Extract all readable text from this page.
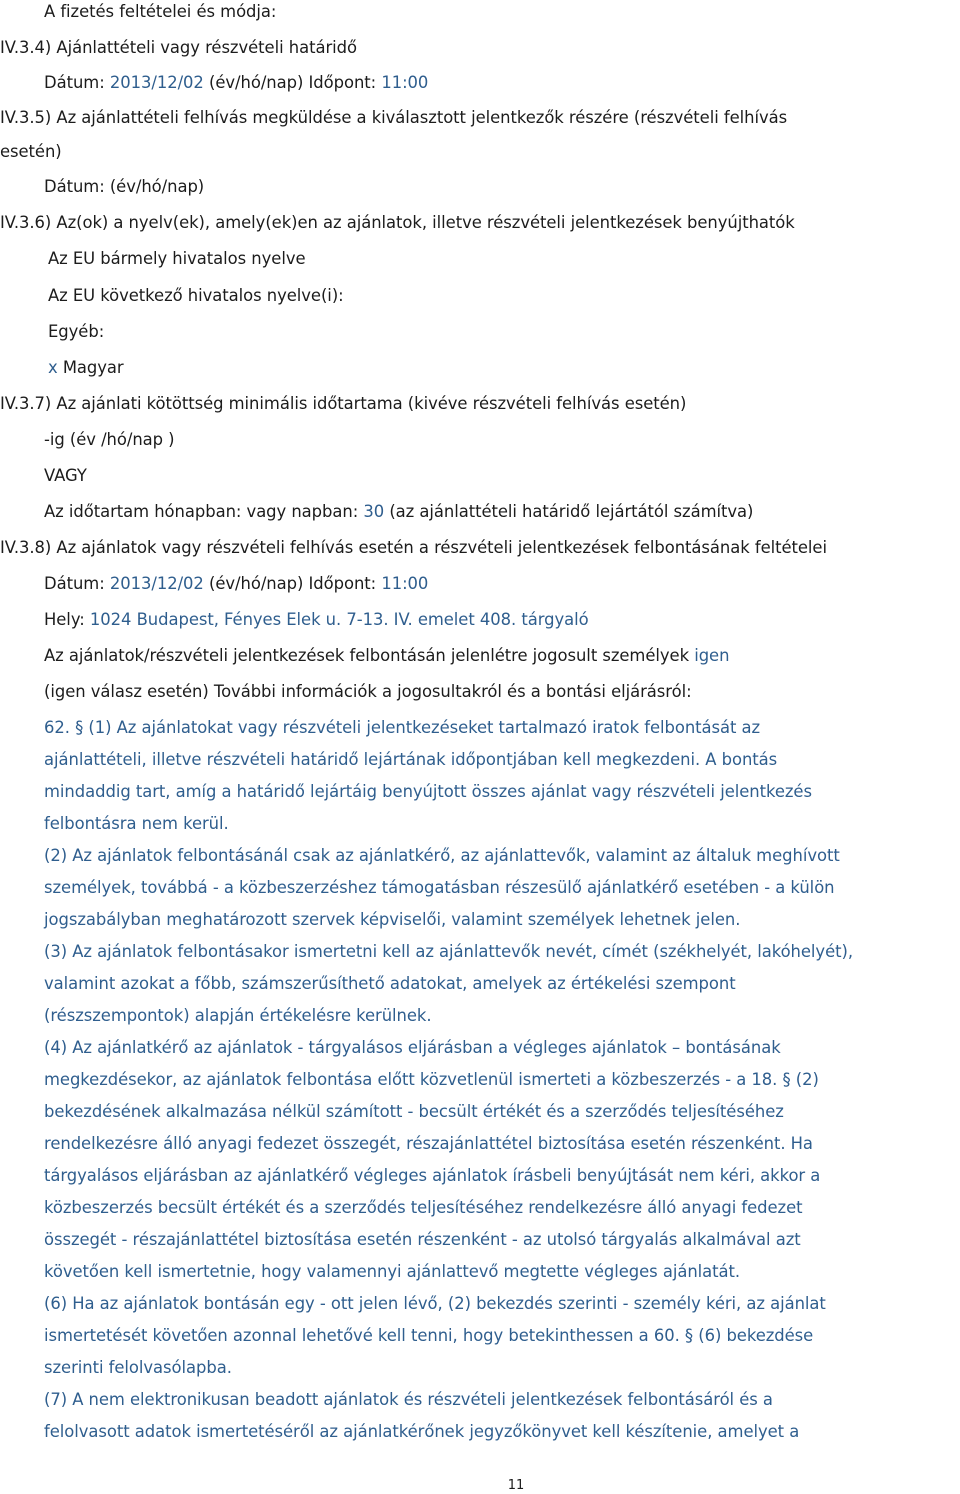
A fizetés feltételei és módja:
IV.3.4) Ajánlattételi vagy részvételi határidő
Dátum: 2013/12/02 (év/hó/nap) Időpont: 11:00
IV.3.5) Az ajánlattételi felhívás megküldése a kiválasztott jelentkezők részére (részvételi felhívás
esetén)
Dátum: (év/hó/nap)
IV.3.6) Az(ok) a nyelv(ek), amely(ek)en az ajánlatok, illetve részvételi jelentkezések benyújthatók
Az EU bármely hivatalos nyelve
Az EU következő hivatalos nyelve(i):
Egyéb:
x Magyar
IV.3.7) Az ajánlati kötöttség minimális időtartama (kivéve részvételi felhívás esetén)
-ig (év /hó/nap )
VAGY
Az időtartam hónapban: vagy napban: 30 (az ajánlattételi határidő lejártától számítva)
IV.3.8) Az ajánlatok vagy részvételi felhívás esetén a részvételi jelentkezések felbontásának feltételei
Dátum: 2013/12/02 (év/hó/nap) Időpont: 11:00
Hely: 1024 Budapest, Fényes Elek u. 7-13. IV. emelet 408. tárgyaló
Az ajánlatok/részvételi jelentkezések felbontásán jelenlétre jogosult személyek igen
(igen válasz esetén) További információk a jogosultakról és a bontási eljárásról:
62. § (1) Az ajánlatokat vagy részvételi jelentkezéseket tartalmazó iratok felbontását az
ajánlattételi, illetve részvételi határidő lejártának időpontjában kell megkezdeni. A bontás
mindaddig tart, amíg a határidő lejártáig benyújtott összes ajánlat vagy részvételi jelentkezés
felbontásra nem kerül.
(2) Az ajánlatok felbontásánál csak az ajánlatkérő, az ajánlattevők, valamint az általuk meghívott
személyek, továbbá - a közbeszerzéshez támogatásban részesülő ajánlatkérő esetében - a külön
jogszabályban meghatározott szervek képviselői, valamint személyek lehetnek jelen.
(3) Az ajánlatok felbontásakor ismertetni kell az ajánlattevők nevét, címét (székhelyét, lakóhelyét),
valamint azokat a főbb, számszerűsíthető adatokat, amelyek az értékelési szempont
(részszempontok) alapján értékelésre kerülnek.
(4) Az ajánlatkérő az ajánlatok - tárgyalásos eljárásban a végleges ajánlatok – bontásának
megkezdésekor, az ajánlatok felbontása előtt közvetlenül ismerteti a közbeszerzés - a 18. § (2)
bekezdésének alkalmazása nélkül számított - becsült értékét és a szerződés teljesítéséhez
rendelkezésre álló anyagi fedezet összegét, részajánlattétel biztosítása esetén részenként. Ha
tárgyalásos eljárásban az ajánlatkérő végleges ajánlatok írásbeli benyújtását nem kéri, akkor a
közbeszerzés becsült értékét és a szerződés teljesítéséhez rendelkezésre álló anyagi fedezet
összegét - részajánlattétel biztosítása esetén részenként - az utolsó tárgyalás alkalmával azt
követően kell ismertetnie, hogy valamennyi ajánlattevő megtette végleges ajánlatát.
(6) Ha az ajánlatok bontásán egy - ott jelen lévő, (2) bekezdés szerinti - személy kéri, az ajánlat
ismertetését követően azonnal lehetővé kell tenni, hogy betekinthessen a 60. § (6) bekezdése
szerinti felolvasólapba.
(7) A nem elektronikusan beadott ajánlatok és részvételi jelentkezések felbontásáról és a
felolvasott adatok ismertetéséről az ajánlatkérőnek jegyzőkönyvet kell készítenie, amelyet a
11
